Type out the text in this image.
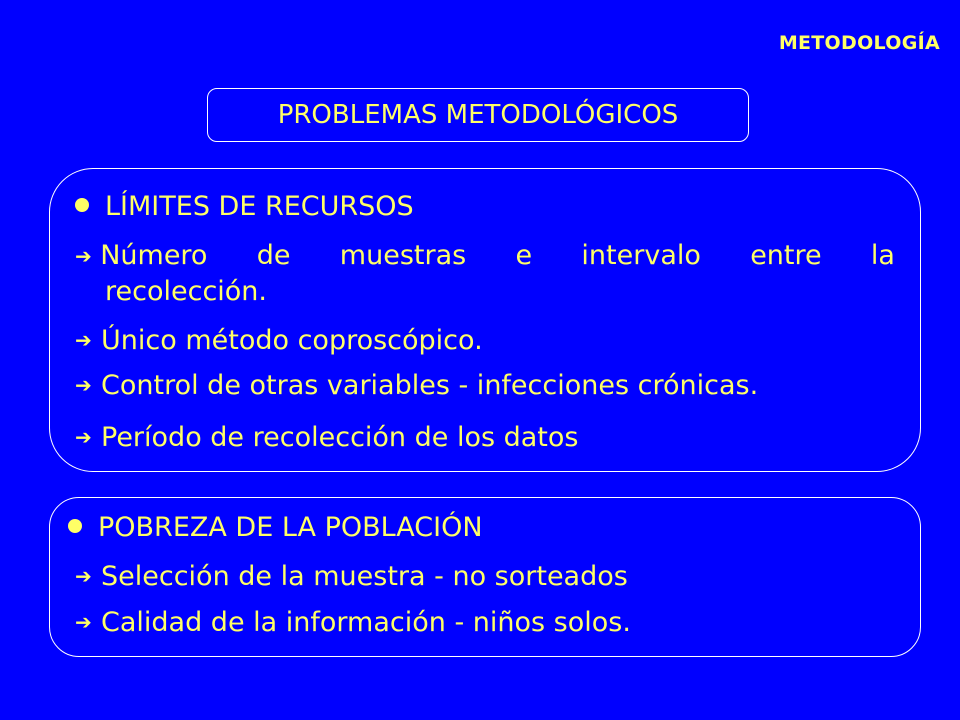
METODOLOGÍA
PROBLEMAS METODOLÓGICOS
LÍMITES DE RECURSOS
➔ Número de muestras e intervalo entre la
recolección.
➔ Único método coproscópico.
➔ Control de otras variables - infecciones crónicas.
➔ Período de recolección de los datos
POBREZA DE LA POBLACIÓN
➔ Selección de la muestra - no sorteados
➔ Calidad de la información - niños solos.
